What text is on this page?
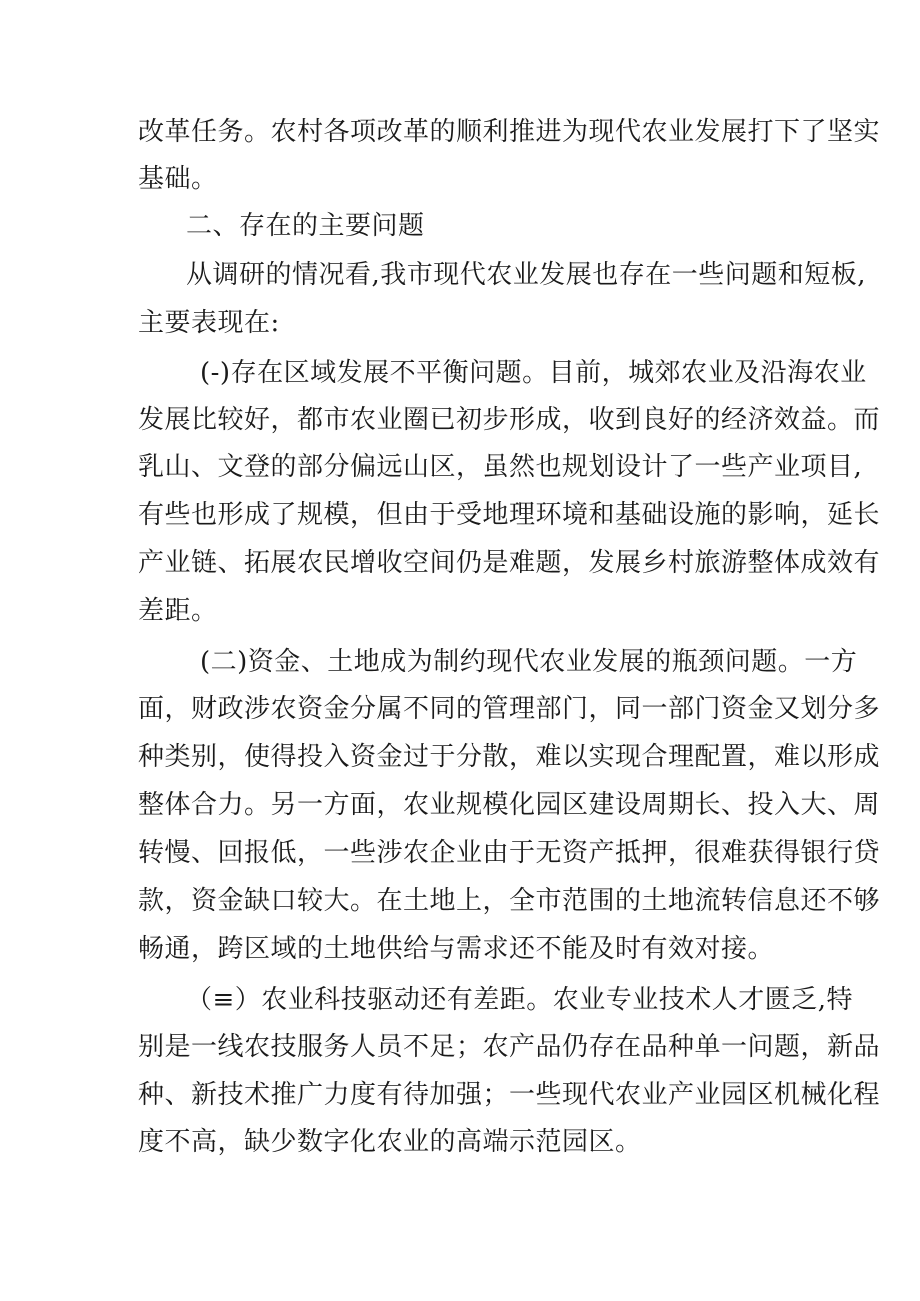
改革任务。农村各项改革的顺利推进为现代农业发展打下了坚实
基础。
二、存在的主要问题
从调研的情况看,我市现代农业发展也存在一些问题和短板,
主要表现在:
(-)存在区域发展不平衡问题。目前，城郊农业及沿海农业
发展比较好，都市农业圈已初步形成，收到良好的经济效益。而
乳山、文登的部分偏远山区，虽然也规划设计了一些产业项目,
有些也形成了规模，但由于受地理环境和基础设施的影响，延长
产业链、拓展农民增收空间仍是难题，发展乡村旅游整体成效有
差距。
(二)资金、土地成为制约现代农业发展的瓶颈问题。一方
面，财政涉农资金分属不同的管理部门，同一部门资金又划分多
种类别，使得投入资金过于分散，难以实现合理配置，难以形成
整体合力。另一方面，农业规模化园区建设周期长、投入大、周
转慢、回报低，一些涉农企业由于无资产抵押，很难获得银行贷
款，资金缺口较大。在土地上，全市范围的土地流转信息还不够
畅通，跨区域的土地供给与需求还不能及时有效对接。
（≡）农业科技驱动还有差距。农业专业技术人才匮乏,特
别是一线农技服务人员不足；农产品仍存在品种单一问题，新品
种、新技术推广力度有待加强；一些现代农业产业园区机械化程
度不高，缺少数字化农业的高端示范园区。
